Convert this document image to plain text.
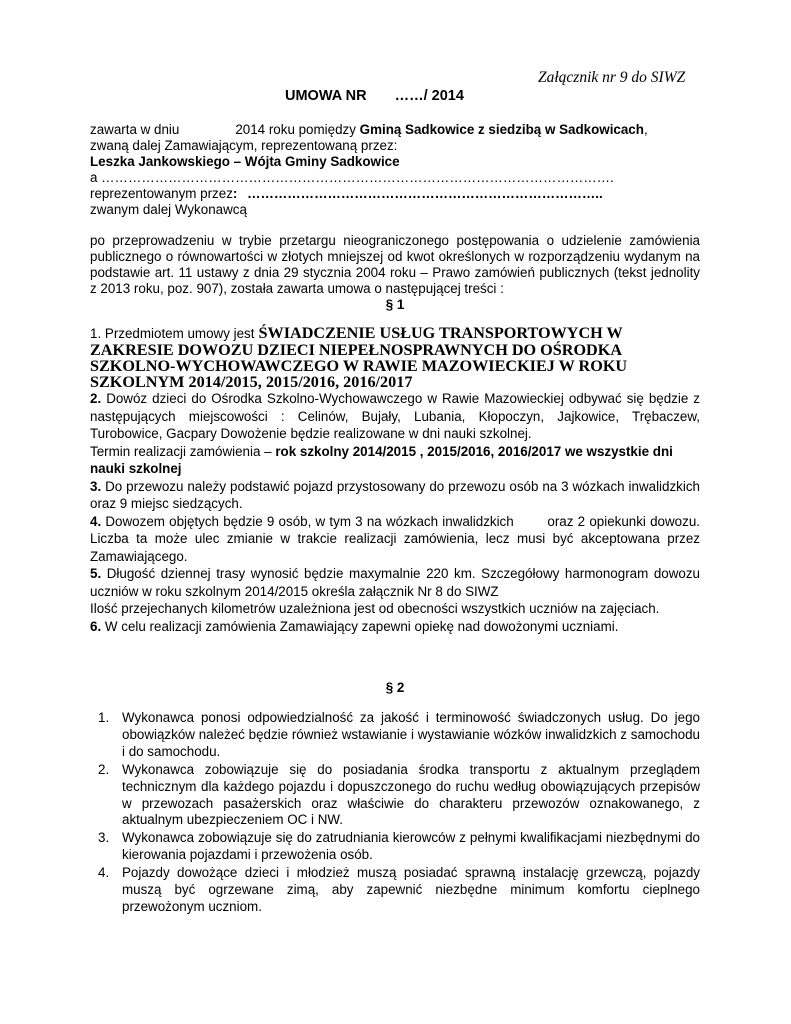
Załącznik nr 9 do SIWZ
UMOWA NR ……/ 2014
zawarta w dniu	2014 roku pomiędzy Gminą Sadkowice z siedzibą w Sadkowicach,
zwaną dalej Zamawiającym, reprezentowaną przez:
Leszka Jankowskiego – Wójta Gminy Sadkowice
a …………………………………………………………………………………………………….
reprezentowanym przez: ……………………………………………………………………..
zwanym dalej Wykonawcą
po przeprowadzeniu w trybie przetargu nieograniczonego postępowania o udzielenie zamówienia publicznego o równowartości w złotych mniejszej od kwot określonych w rozporządzeniu wydanym na podstawie art. 11 ustawy z dnia 29 stycznia 2004 roku – Prawo zamówień publicznych (tekst jednolity z 2013 roku, poz. 907), została zawarta umowa o następującej treści :
§ 1
1. Przedmiotem umowy jest ŚWIADCZENIE USŁUG TRANSPORTOWYCH W ZAKRESIE DOWOZU DZIECI NIEPEŁNOSPRAWNYCH DO OŚRODKA SZKOLNO-WYCHOWAWCZEGO W RAWIE MAZOWIECKIEJ W ROKU SZKOLNYM 2014/2015, 2015/2016, 2016/2017
2. Dowóz dzieci do Ośrodka Szkolno-Wychowawczego w Rawie Mazowieckiej odbywać się będzie z następujących miejscowości : Celinów, Bujały, Lubania, Kłopoczyn, Jajkowice, Trębaczew, Turobowice, Gacpary Dowożenie będzie realizowane w dni nauki szkolnej.
Termin realizacji zamówienia – rok szkolny 2014/2015 , 2015/2016, 2016/2017 we wszystkie dni nauki szkolnej
3. Do przewozu należy podstawić pojazd przystosowany do przewozu osób na 3 wózkach inwalidzkich oraz 9 miejsc siedzących.
4. Dowozem objętych będzie 9 osób, w tym 3 na wózkach inwalidzkich        oraz 2 opiekunki dowozu. Liczba ta może ulec zmianie w trakcie realizacji zamówienia, lecz musi być akceptowana przez Zamawiającego.
5. Długość dziennej trasy wynosić będzie maxymalnie 220 km. Szczegółowy harmonogram dowozu uczniów w roku szkolnym 2014/2015 określa załącznik Nr 8 do SIWZ
Ilość przejechanych kilometrów uzależniona jest od obecności wszystkich uczniów na zajęciach.
6. W celu realizacji zamówienia Zamawiający zapewni opiekę nad dowożonymi uczniami.
§ 2
1. Wykonawca ponosi odpowiedzialność za jakość i terminowość świadczonych usług. Do jego obowiązków należeć będzie również wstawianie i wystawianie wózków inwalidzkich z samochodu i do samochodu.
2. Wykonawca zobowiązuje się do posiadania środka transportu z aktualnym przeglądem technicznym dla każdego pojazdu i dopuszczonego do ruchu według obowiązujących przepisów w przewozach pasażerskich oraz właściwie do charakteru przewozów oznakowanego, z aktualnym ubezpieczeniem OC i NW.
3. Wykonawca zobowiązuje się do zatrudniania kierowców z pełnymi kwalifikacjami niezbędnymi do kierowania pojazdami i przewożenia osób.
4. Pojazdy dowożące dzieci i młodzież muszą posiadać sprawną instalację grzewczą, pojazdy muszą być ogrzewane zimą, aby zapewnić niezbędne minimum komfortu cieplnego przewożonym uczniom.
